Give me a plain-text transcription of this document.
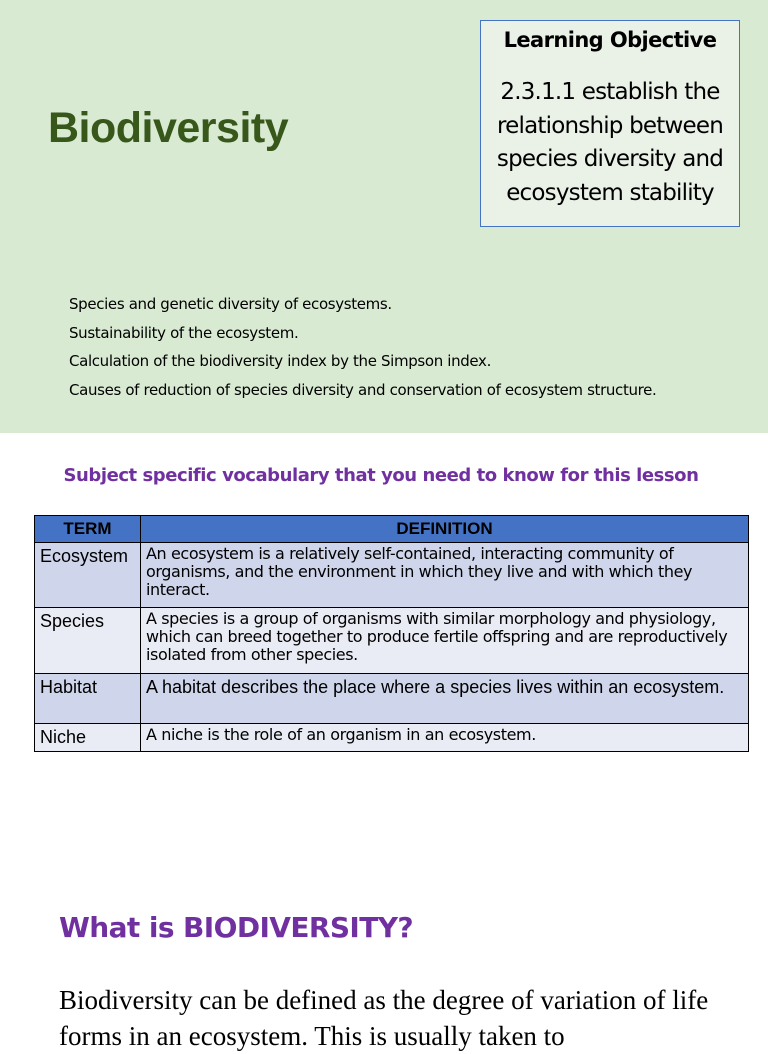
Biodiversity
Learning Objective
2.3.1.1 establish the relationship between species diversity and ecosystem stability
Species and genetic diversity of ecosystems.
Sustainability of the ecosystem.
Calculation of the biodiversity index by the Simpson index.
Causes of reduction of species diversity and conservation of ecosystem structure.
Subject specific vocabulary that you need to know for this lesson
TERM	DEFINITION
Ecosystem	An ecosystem is a relatively self-contained, interacting community of organisms, and the environment in which they live and with which they interact.
Species	A species is a group of organisms with similar morphology and physiology, which can breed together to produce fertile offspring and are reproductively isolated from other species.
Habitat	A habitat describes the place where a species lives within an ecosystem.
Niche	A niche is the role of an organism in an ecosystem.
What is BIODIVERSITY?

Biodiversity can be defined as the degree of variation of life forms in an ecosystem. This is usually taken to
